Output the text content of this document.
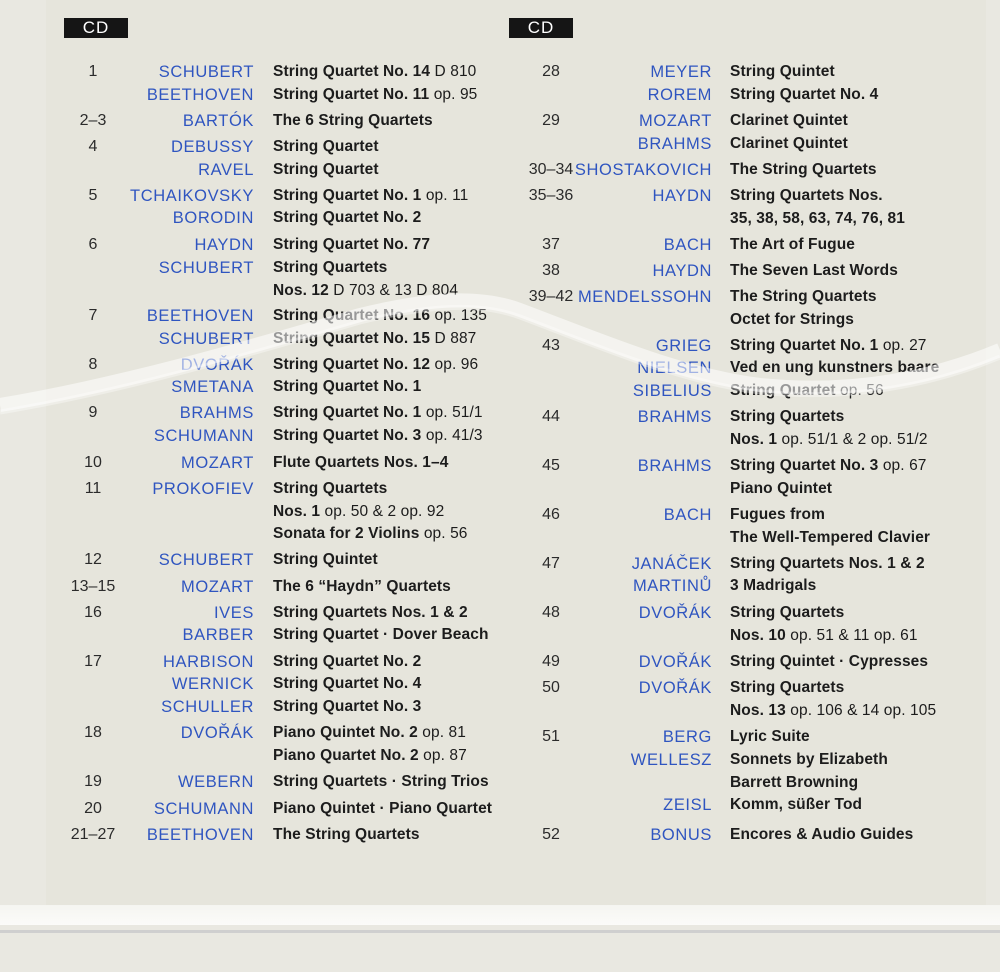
CD	CD
1	SCHUBERT String Quartet No. 14 D 810
BEETHOVEN String Quartet No. 11 op. 95
2–3	BARTÓK The 6 String Quartets
4	DEBUSSY String Quartet
RAVEL String Quartet
5	TCHAIKOVSKY String Quartet No. 1 op. 11
BORODIN String Quartet No. 2
6	HAYDN String Quartet No. 77
SCHUBERT String Quartets
Nos. 12 D 703 & 13 D 804
7	BEETHOVEN String Quartet No. 16 op. 135
SCHUBERT String Quartet No. 15 D 887
8	DVOŘÁK String Quartet No. 12 op. 96
SMETANA String Quartet No. 1
9	BRAHMS String Quartet No. 1 op. 51/1
SCHUMANN String Quartet No. 3 op. 41/3
10	MOZART Flute Quartets Nos. 1–4
11	PROKOFIEV String Quartets
Nos. 1 op. 50 & 2 op. 92
Sonata for 2 Violins op. 56
12	SCHUBERT String Quintet
13–15	MOZART The 6 “Haydn” Quartets
16	IVES String Quartets Nos. 1 & 2
BARBER String Quartet · Dover Beach
17	HARBISON String Quartet No. 2
WERNICK String Quartet No. 4
SCHULLER String Quartet No. 3
18	DVOŘÁK Piano Quintet No. 2 op. 81
Piano Quartet No. 2 op. 87
19	WEBERN String Quartets · String Trios
20	SCHUMANN Piano Quintet · Piano Quartet
21–27	BEETHOVEN The String Quartets
28	MEYER String Quintet
ROREM String Quartet No. 4
29	MOZART Clarinet Quintet
BRAHMS Clarinet Quintet
30–34 SHOSTAKOVICH The String Quartets
35–36	HAYDN String Quartets Nos.
35, 38, 58, 63, 74, 76, 81
37	BACH The Art of Fugue
38	HAYDN The Seven Last Words
39–42 MENDELSSOHN The String Quartets
Octet for Strings
43	GRIEG String Quartet No. 1 op. 27
NIELSEN Ved en ung kunstners baare
SIBELIUS String Quartet op. 56
44	BRAHMS String Quartets
Nos. 1 op. 51/1 & 2 op. 51/2
45	BRAHMS String Quartet No. 3 op. 67
Piano Quintet
46	BACH Fugues from
The Well-Tempered Clavier
47	JANÁČEK String Quartets Nos. 1 & 2
MARTINŮ 3 Madrigals
48	DVOŘÁK String Quartets
Nos. 10 op. 51 & 11 op. 61
49	DVOŘÁK String Quintet · Cypresses
50	DVOŘÁK String Quartets
Nos. 13 op. 106 & 14 op. 105
51	BERG Lyric Suite
WELLESZ Sonnets by Elizabeth
Barrett Browning
ZEISL Komm, süßer Tod
52	BONUS Encores & Audio Guides
